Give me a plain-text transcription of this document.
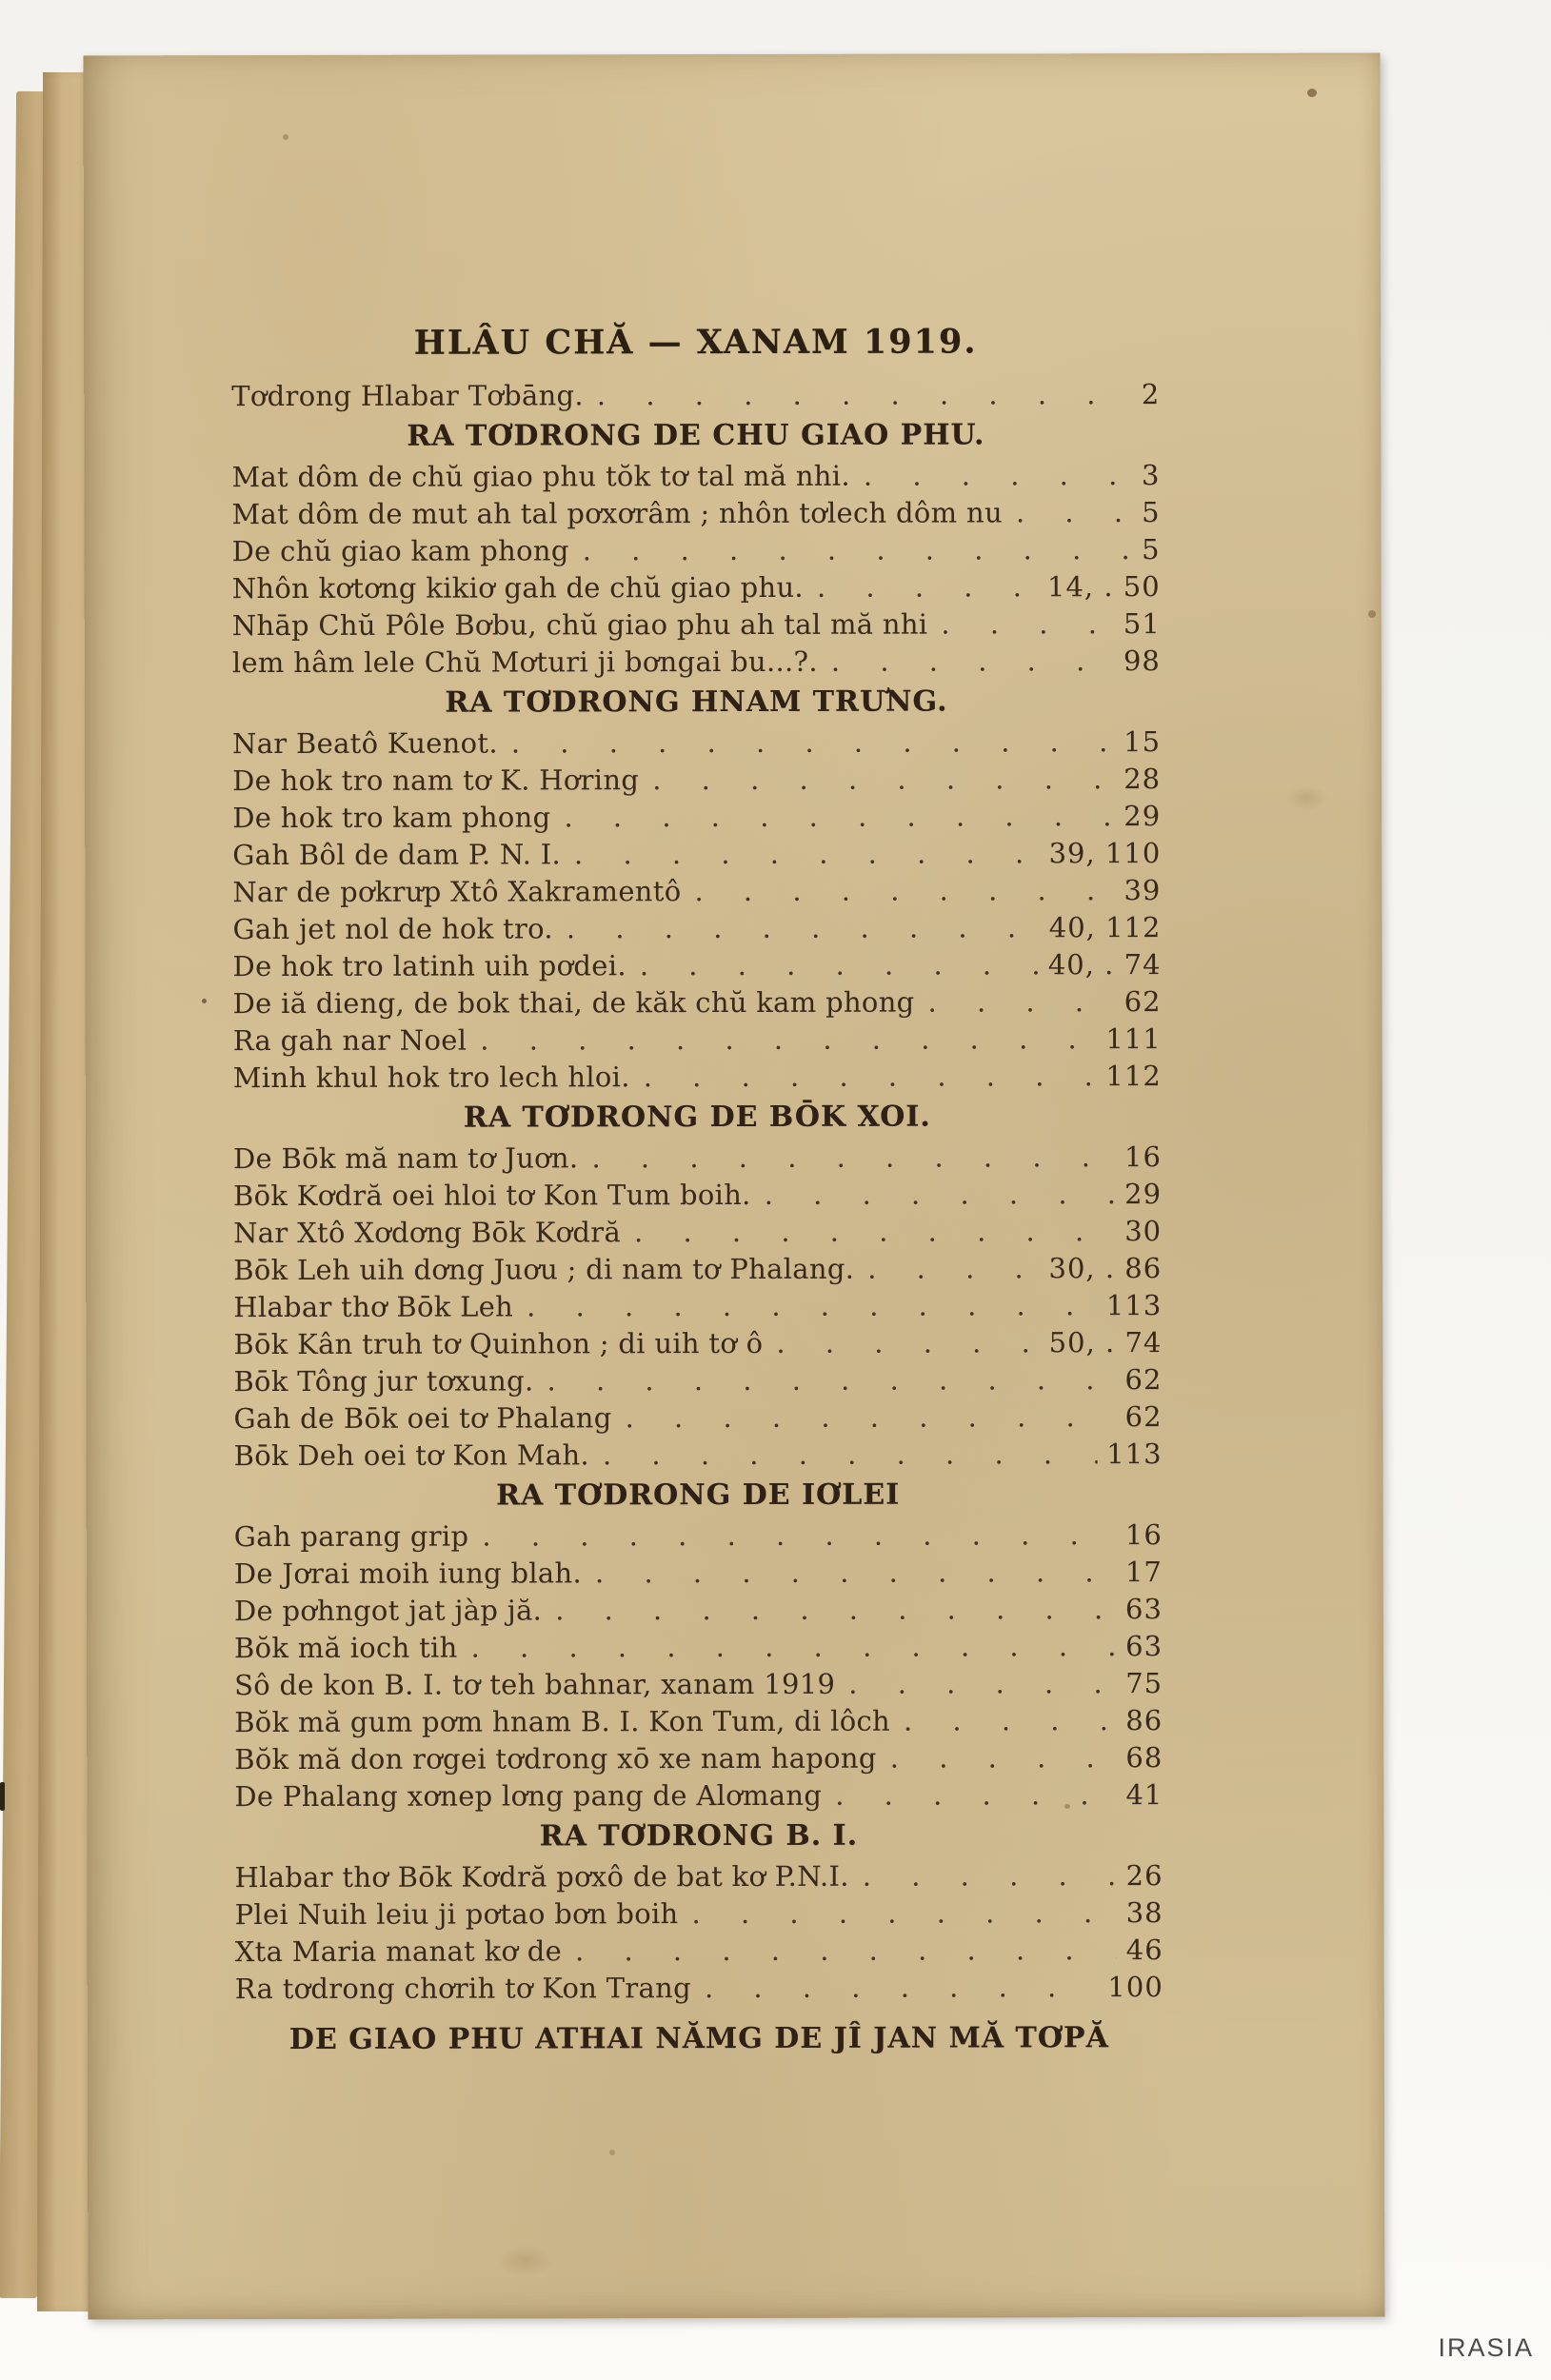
HLÂU CHĂ — XANAM 1919.
Tơdrong Hlabar Tơbāng. . . .	2
RA TƠDRONG DE CHU GIAO PHU.
Mat dôm de chŭ giao phu tŏk tơ tal mă nhi. . . .	3
Mat dôm de mut ah tal pơxơrâm ; nhôn tơlech dôm nu . . .	5
De chŭ giao kam phong . . .	5
Nhôn kơtơng kikiơ gah de chŭ giao phu. . . .	14, . 50
Nhāp Chŭ Pôle Bơbu, chŭ giao phu ah tal mă nhi . . .	51
lem hâm lele Chŭ Mơturi ji bơngai bu...?. . . .	98
RA TƠDRONG HNAM TRƯNG.
Nar Beatô Kuenot. . . .	15
De hok tro nam tơ K. Hơring . . .	28
De hok tro kam phong . . .	29
Gah Bôl de dam P. N. I. . . .	39, 110
Nar de pơkrưp Xtô Xakramentô . . .	39
Gah jet nol de hok tro. . . .	40, 112
De hok tro latinh uih pơdei. . . .	40, . 74
De iă dieng, de bok thai, de kăk chŭ kam phong . . .	62
Ra gah nar Noel . . .	111
Minh khul hok tro lech hloi. . . .	112
RA TƠDRONG DE BŌK XOI.
De Bōk mă nam tơ Juơn. . . .	16
Bōk Kơdră oei hloi tơ Kon Tum boih. . . .	29
Nar Xtô Xơdơng Bōk Kơdră . . .	30
Bōk Leh uih dơng Juơu ; di nam tơ Phalang. . . .	30, . 86
Hlabar thơ Bōk Leh . . .	113
Bōk Kân truh tơ Quinhon ; di uih tơ ô . . .	50, . 74
Bōk Tông jur tơxung. . . .	62
Gah de Bōk oei tơ Phalang . . .	62
Bōk Deh oei tơ Kon Mah. . . .	113
RA TƠDRONG DE IƠLEI
Gah parang grip . . .	16
De Jơrai moih iung blah. . . .	17
De pơhngot jat jàp jă. . . .	63
Bŏk mă ioch tih . . .	63
Sô de kon B. I. tơ teh bahnar, xanam 1919 . . .	75
Bŏk mă gum pơm hnam B. I. Kon Tum, di lôch . . .	86
Bŏk mă don rơgei tơdrong xō xe nam hapong . . .	68
De Phalang xơnep lơng pang de Alơmang . . .	41
RA TƠDRONG B. I.
Hlabar thơ Bōk Kơdră pơxô de bat kơ P.N.I. . . .	26
Plei Nuih leiu ji pơtao bơn boih . . .	38
Xta Maria manat kơ de . . .	46
Ra tơdrong chơrih tơ Kon Trang . . .	100
DE GIAO PHU ATHAI NĂMG DE JÎ JAN MĂ TƠPĂ
IRASIA
